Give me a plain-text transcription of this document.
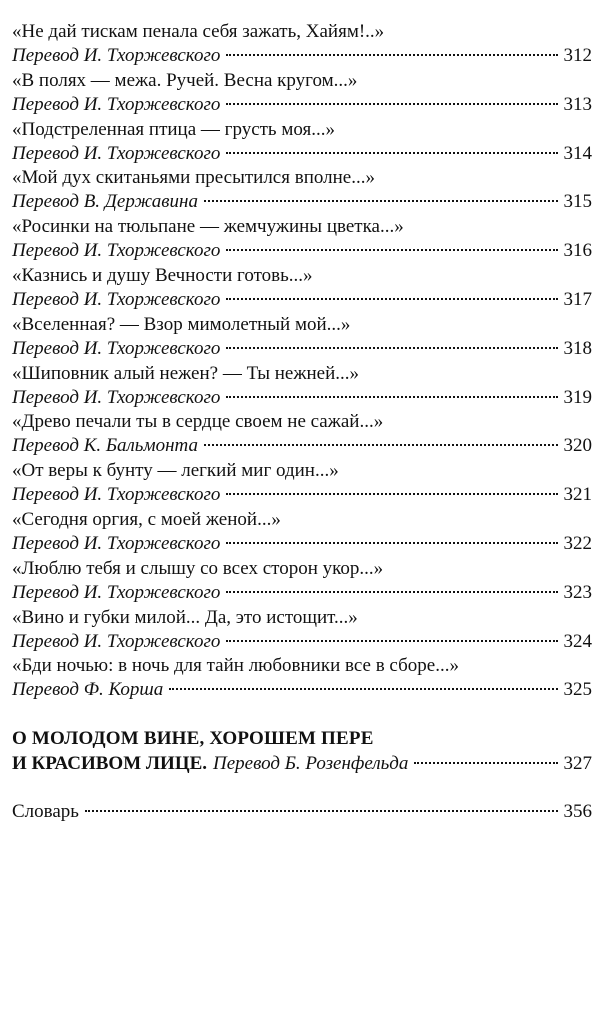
«Не дай тискам пенала себя зажать, Хайям!..»
Перевод И. Тхоржевского	312
«В полях — межа. Ручей. Весна кругом...»
Перевод И. Тхоржевского	313
«Подстреленная птица — грусть моя...»
Перевод И. Тхоржевского	314
«Мой дух скитаньями пресытился вполне...»
Перевод В. Державина	315
«Росинки на тюльпане — жемчужины цветка...»
Перевод И. Тхоржевского	316
«Казнись и душу Вечности готовь...»
Перевод И. Тхоржевского	317
«Вселенная? — Взор мимолетный мой...»
Перевод И. Тхоржевского	318
«Шиповник алый нежен? — Ты нежней...»
Перевод И. Тхоржевского	319
«Древо печали ты в сердце своем не сажай...»
Перевод К. Бальмонта	320
«От веры к бунту — легкий миг один...»
Перевод И. Тхоржевского	321
«Сегодня оргия, с моей женой...»
Перевод И. Тхоржевского	322
«Люблю тебя и слышу со всех сторон укор...»
Перевод И. Тхоржевского	323
«Вино и губки милой... Да, это истощит...»
Перевод И. Тхоржевского	324
«Бди ночью: в ночь для тайн любовники все в сборе...»
Перевод Ф. Корша	325
О МОЛОДОМ ВИНЕ, ХОРОШЕМ ПЕРЕ
И КРАСИВОМ ЛИЦЕ. Перевод Б. Розенфельда	327
Словарь	356
